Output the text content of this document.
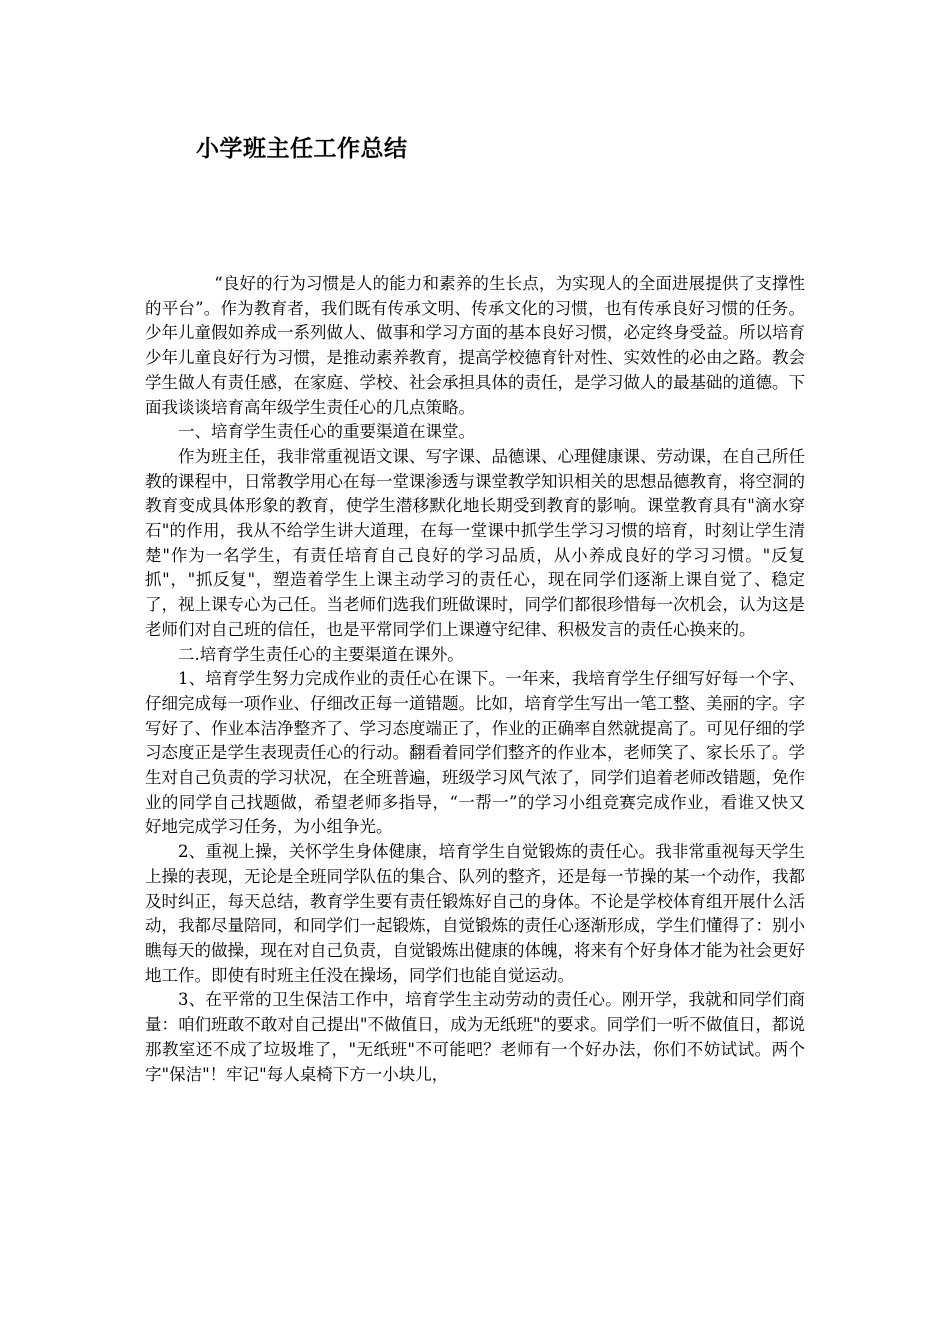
小学班主任工作总结

“良好的行为习惯是人的能力和素养的生长点，为实现人的全面进展提供了支撑性的平台”。作为教育者，我们既有传承文明、传承文化的习惯，也有传承良好习惯的任务。少年儿童假如养成一系列做人、做事和学习方面的基本良好习惯，必定终身受益。所以培育少年儿童良好行为习惯，是推动素养教育，提高学校德育针对性、实效性的必由之路。教会学生做人有责任感，在家庭、学校、社会承担具体的责任，是学习做人的最基础的道德。下面我谈谈培育高年级学生责任心的几点策略。

一、培育学生责任心的重要渠道在课堂。

作为班主任，我非常重视语文课、写字课、品德课、心理健康课、劳动课，在自己所任教的课程中，日常教学用心在每一堂课渗透与课堂教学知识相关的思想品德教育，将空洞的教育变成具体形象的教育，使学生潜移默化地长期受到教育的影响。课堂教育具有"滴水穿石"的作用，我从不给学生讲大道理，在每一堂课中抓学生学习习惯的培育，时刻让学生清楚"作为一名学生，有责任培育自己良好的学习品质，从小养成良好的学习习惯。"反复抓"，"抓反复"，塑造着学生上课主动学习的责任心，现在同学们逐渐上课自觉了、稳定了，视上课专心为己任。当老师们选我们班做课时，同学们都很珍惜每一次机会，认为这是老师们对自己班的信任，也是平常同学们上课遵守纪律、积极发言的责任心换来的。

二.培育学生责任心的主要渠道在课外。

1、培育学生努力完成作业的责任心在课下。一年来，我培育学生仔细写好每一个字、仔细完成每一项作业、仔细改正每一道错题。比如，培育学生写出一笔工整、美丽的字。字写好了、作业本洁净整齐了、学习态度端正了，作业的正确率自然就提高了。可见仔细的学习态度正是学生表现责任心的行动。翻看着同学们整齐的作业本，老师笑了、家长乐了。学生对自己负责的学习状况，在全班普遍，班级学习风气浓了，同学们追着老师改错题，免作业的同学自己找题做，希望老师多指导，“一帮一”的学习小组竞赛完成作业，看谁又快又好地完成学习任务，为小组争光。

2、重视上操，关怀学生身体健康，培育学生自觉锻炼的责任心。我非常重视每天学生上操的表现，无论是全班同学队伍的集合、队列的整齐，还是每一节操的某一个动作，我都及时纠正，每天总结，教育学生要有责任锻炼好自己的身体。不论是学校体育组开展什么活动，我都尽量陪同，和同学们一起锻炼，自觉锻炼的责任心逐渐形成，学生们懂得了：别小瞧每天的做操，现在对自己负责，自觉锻炼出健康的体魄，将来有个好身体才能为社会更好地工作。即使有时班主任没在操场，同学们也能自觉运动。

3、在平常的卫生保洁工作中，培育学生主动劳动的责任心。刚开学，我就和同学们商量：咱们班敢不敢对自己提出"不做值日，成为无纸班"的要求。同学们一听不做值日，都说那教室还不成了垃圾堆了，"无纸班"不可能吧？老师有一个好办法，你们不妨试试。两个字"保洁"！牢记"每人桌椅下方一小块儿，
